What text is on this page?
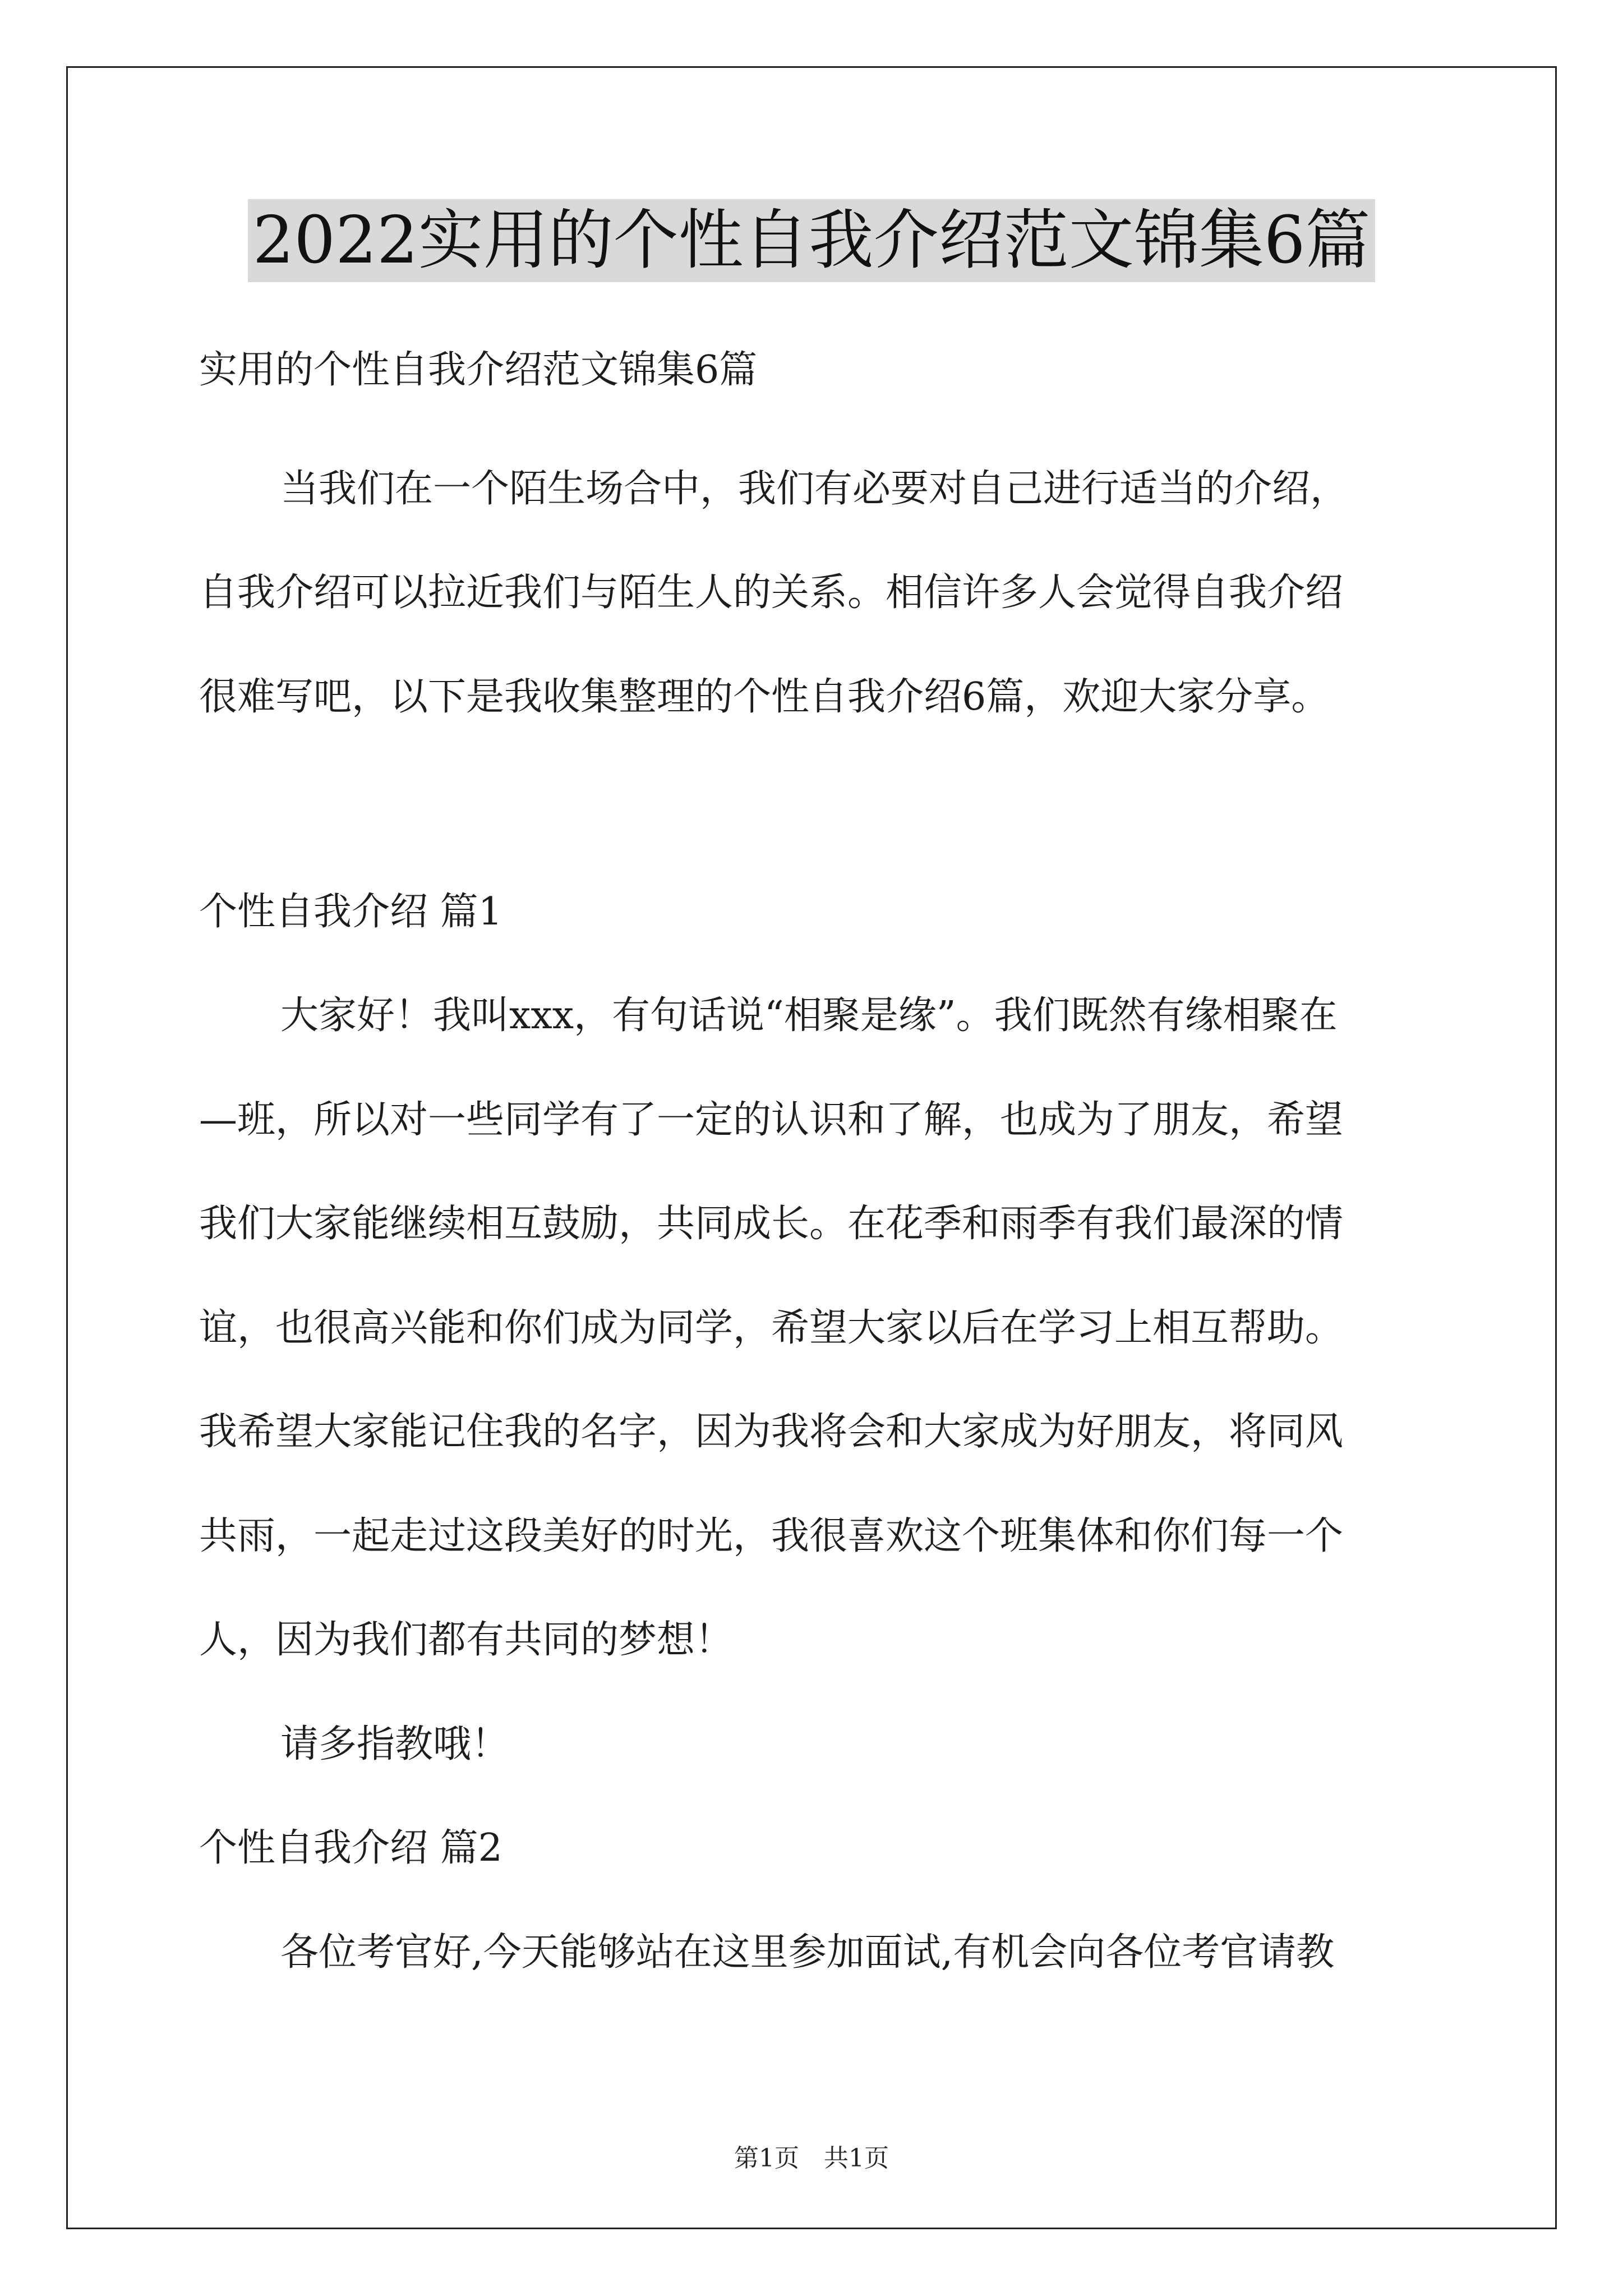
2022实用的个性自我介绍范文锦集6篇
实用的个性自我介绍范文锦集6篇
当我们在一个陌生场合中，我们有必要对自己进行适当的介绍，
自我介绍可以拉近我们与陌生人的关系。相信许多人会觉得自我介绍
很难写吧，以下是我收集整理的个性自我介绍6篇，欢迎大家分享。
个性自我介绍 篇1
大家好！我叫xxx，有句话说“相聚是缘”。我们既然有缘相聚在
—班，所以对一些同学有了一定的认识和了解，也成为了朋友，希望
我们大家能继续相互鼓励，共同成长。在花季和雨季有我们最深的情
谊，也很高兴能和你们成为同学，希望大家以后在学习上相互帮助。
我希望大家能记住我的名字，因为我将会和大家成为好朋友，将同风
共雨，一起走过这段美好的时光，我很喜欢这个班集体和你们每一个
人，因为我们都有共同的梦想！
请多指教哦！
个性自我介绍 篇2
各位考官好,今天能够站在这里参加面试,有机会向各位考官请教
第1页　共1页
